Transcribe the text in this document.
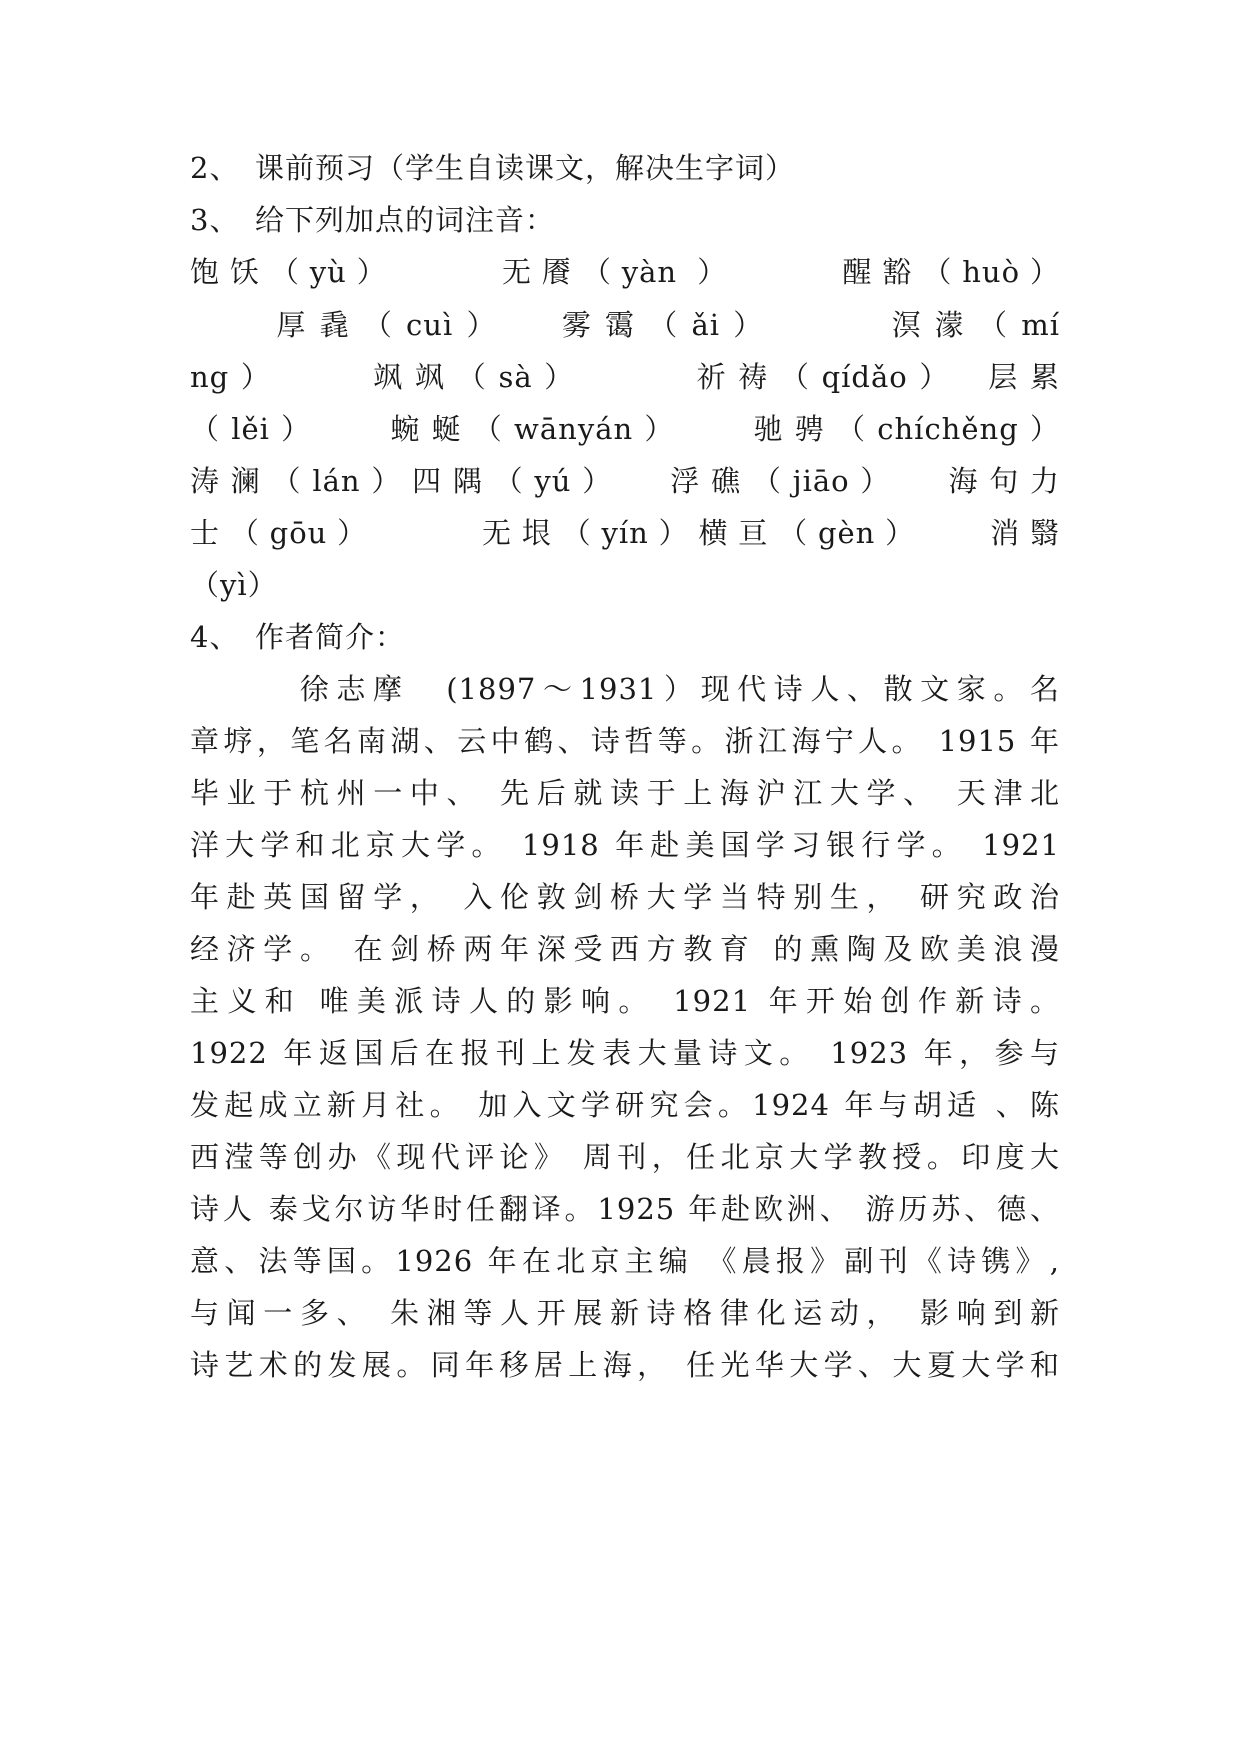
2、　课前预习（学生自读课文，解决生字词）
3、　给下列加点的词注音：
饱饫（yù）　　　无餍（yàn ）　　　醒豁（huò）
　　厚毳（cuì）　 雾霭（ǎi）　　　溟濛（mí
ng）　　 飒飒（sà）　　　祈祷（qídǎo）　层累
（lěi）　　蜿蜒（wānyán）　　驰骋（chíchěng）
涛澜（lán）四隅（yú）　 浮礁（jiāo）　 海句力
士（gōu）　　　无垠（yín）横亘（gèn）　　消翳
（yì）
4、　作者简介：
　　　徐志摩　(1897～1931）现代诗人、散文家。名
章垿，笔名南湖、云中鹤、诗哲等。浙江海宁人。 1915 年
毕业于杭州一中、 先后就读于上海沪江大学、 天津北
洋大学和北京大学。 1918 年赴美国学习银行学。 1921
年赴英国留学， 入伦敦剑桥大学当特别生， 研究政治
经济学。 在剑桥两年深受西方教育 的熏陶及欧美浪漫
主义和 唯美派诗人的影响。 1921 年开始创作新诗。
1922 年返国后在报刊上发表大量诗文。 1923 年，参与
发起成立新月社。 加入文学研究会。1924 年与胡适 、陈
西滢等创办《现代评论》 周刊，任北京大学教授。印度大
诗人 泰戈尔访华时任翻译。1925 年赴欧洲、 游历苏、德、
意、法等国。1926 年在北京主编 《晨报》副刊《诗镌》,
与闻一多、 朱湘等人开展新诗格律化运动， 影响到新
诗艺术的发展。同年移居上海， 任光华大学、大夏大学和
